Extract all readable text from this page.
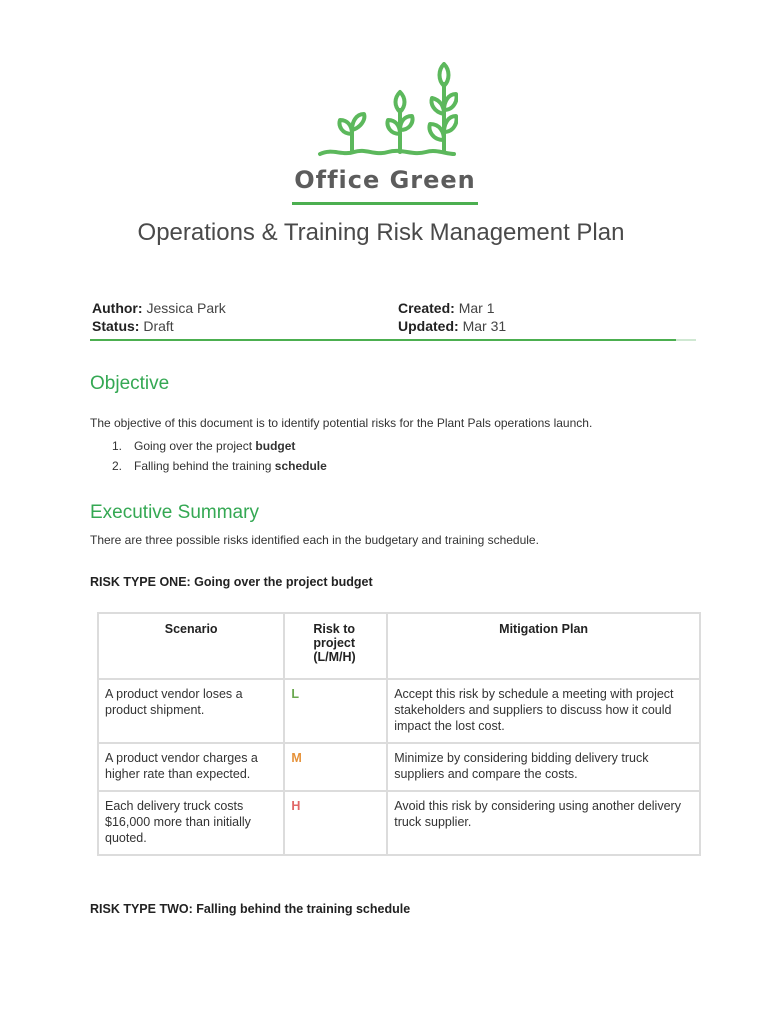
Office Green
Operations & Training Risk Management Plan
Author: Jessica Park
Status: Draft
Created: Mar 1
Updated: Mar 31
Objective

The objective of this document is to identify potential risks for the Plant Pals operations launch.

1. Going over the project budget
2. Falling behind the training schedule
Executive Summary

There are three possible risks identified each in the budgetary and training schedule.

RISK TYPE ONE: Going over the project budget
Scenario	Risk to project (L/M/H)	Mitigation Plan
A product vendor loses a product shipment.	L	Accept this risk by schedule a meeting with project stakeholders and suppliers to discuss how it could impact the lost cost.
A product vendor charges a higher rate than expected.	M	Minimize by considering bidding delivery truck suppliers and compare the costs.
Each delivery truck costs $16,000 more than initially quoted.	H	Avoid this risk by considering using another delivery truck supplier.
RISK TYPE TWO: Falling behind the training schedule
